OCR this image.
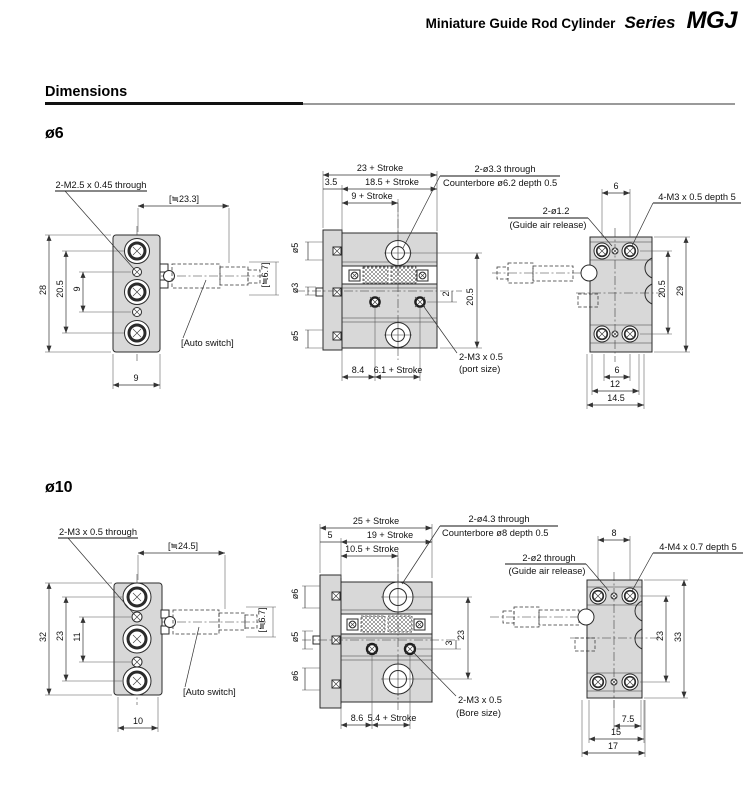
Miniature Guide Rod Cylinder Series MGJ
Dimensions
ø6
2-M2.5 x 0.45 through
[≒23.3]
[≒6.7]
28 20.5 9
[Auto switch]
9
23 + Stroke
3.5	18.5 + Stroke
9 + Stroke
2-ø3.3 through
Counterbore ø6.2 depth 0.5
ø5
ø3
ø5
2 20.5
2-M3 x 0.5
(port size)
8.4 6.1 + Stroke
6
2-ø1.2
(Guide air release)
4-M3 x 0.5 depth 5
20.5 29
6
12
14.5
ø10
2-M3 x 0.5 through
[≒24.5]
[≒6.7]
32 23 11
[Auto switch]
10
25 + Stroke
5	19 + Stroke
10.5 + Stroke
2-ø4.3 through
Counterbore ø8 depth 0.5
ø6
ø5
ø6
3
23
2-M3 x 0.5
(Bore size)
8.6 5.4 + Stroke
8
2-ø2 through
(Guide air release)
4-M4 x 0.7 depth 5
23 33
7.5
15
17
